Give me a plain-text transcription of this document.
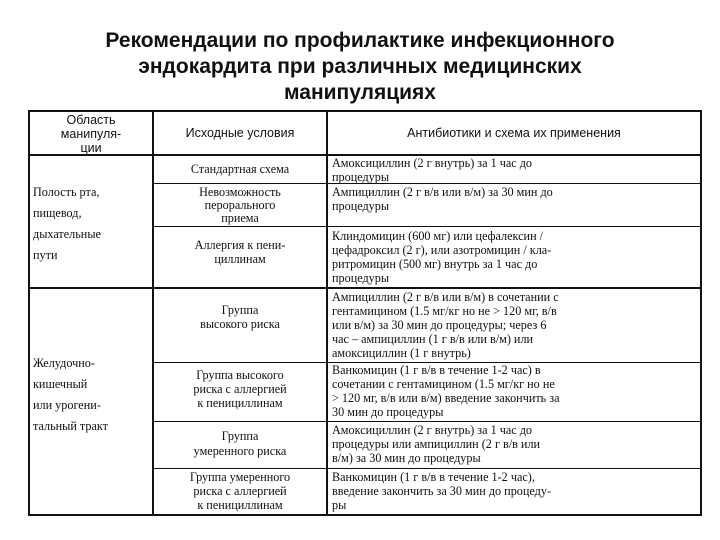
Рекомендации по профилактике инфекционного
эндокардита при различных медицинских
манипуляциях
Область
манипуля-
ции
Исходные условия	Антибиотики и схема их применения
Полость рта,
пищевод,
дыхательные
пути
Желудочно-
кишечный
или урогени-
тальный тракт
Стандартная схема	Амоксициллин (2 г внутрь) за 1 час до
процедуры
Невозможность
перорального
приема
Ампициллин (2 г в/в или в/м) за 30 мин до
процедуры
Аллергия к пени-
циллинам
Клиндомицин (600 мг) или цефалексин /
цефадроксил (2 г), или азотромицин / кла-
ритромицин (500 мг) внутрь за 1 час до
процедуры
Группа
высокого риска
Ампициллин (2 г в/в или в/м) в сочетании с
гентамицином (1.5 мг/кг но не > 120 мг, в/в
или в/м) за 30 мин до процедуры; через 6
час – ампициллин (1 г в/в или в/м) или
амоксициллин (1 г внутрь)
Группа высокого
риска с аллергией
к пенициллинам
Ванкомицин (1 г в/в в течение 1-2 час) в
сочетании с гентамицином (1.5 мг/кг но не
> 120 мг, в/в или в/м) введение закончить за
30 мин до процедуры
Группа
умеренного риска
Амоксициллин (2 г внутрь) за 1 час до
процедуры или ампициллин (2 г в/в или
в/м) за 30 мин до процедуры
Группа умеренного
риска с аллергией
к пенициллинам
Ванкомицин (1 г в/в в течение 1-2 час),
введение закончить за 30 мин до процеду-
ры
